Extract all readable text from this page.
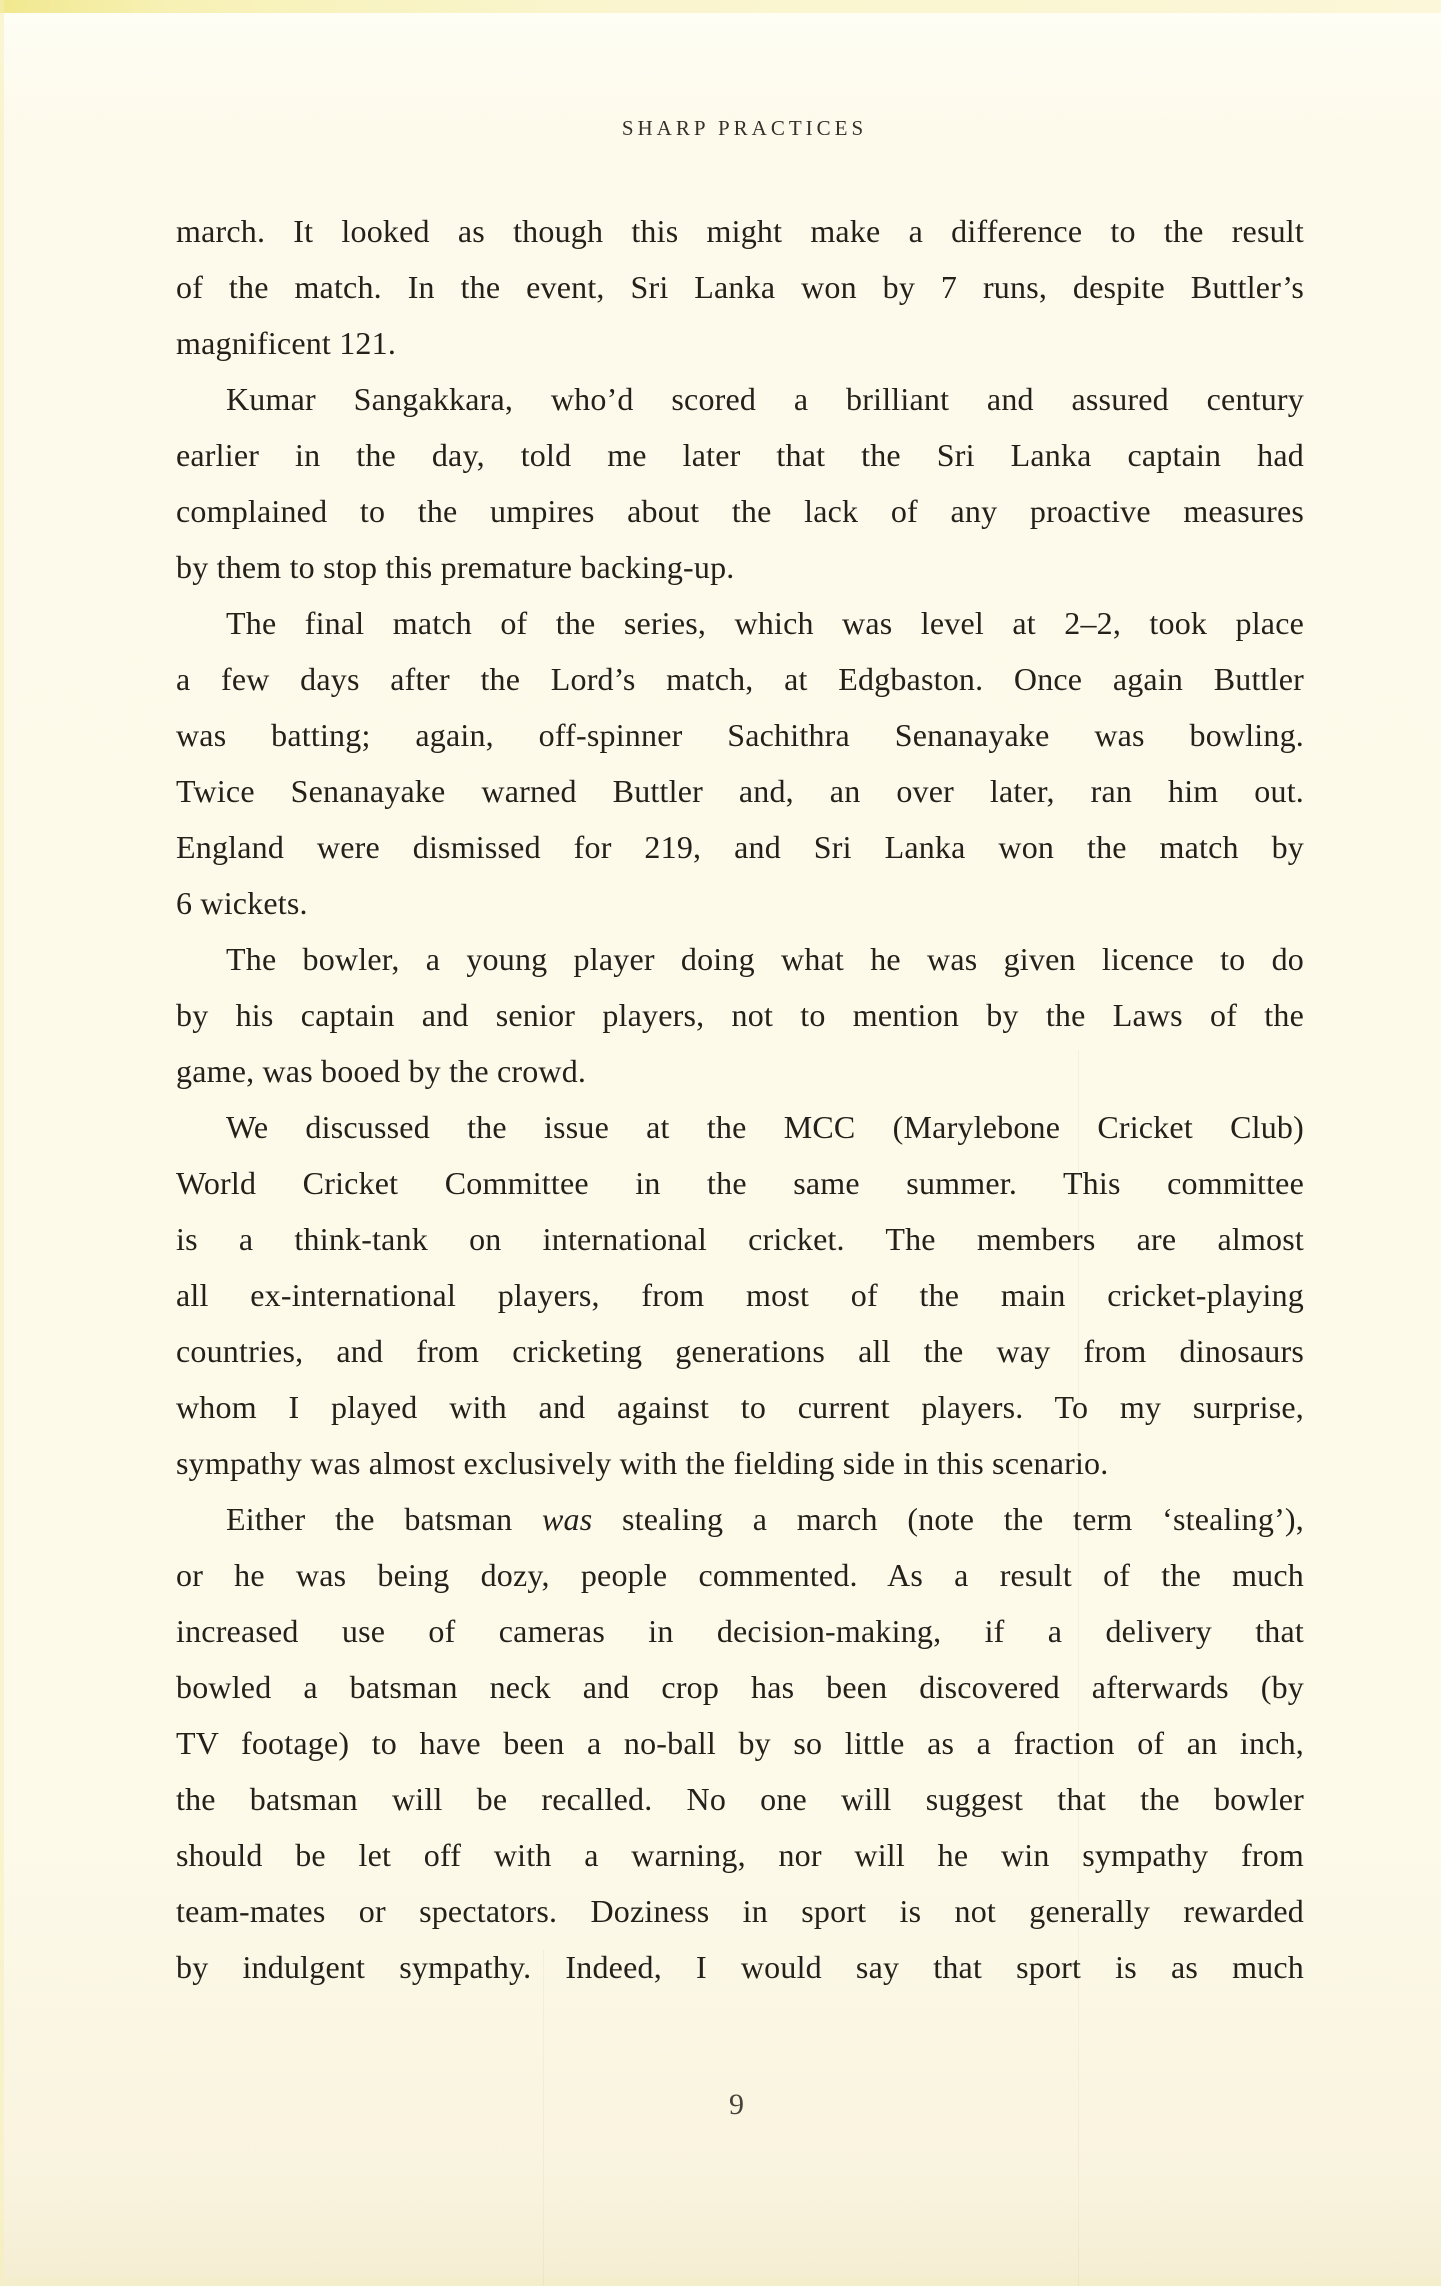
SHARP PRACTICES
march. It looked as though this might make a difference to the result
of the match. In the event, Sri Lanka won by 7 runs, despite Buttler’s
magnificent 121.
Kumar Sangakkara, who’d scored a brilliant and assured century
earlier in the day, told me later that the Sri Lanka captain had
complained to the umpires about the lack of any proactive measures
by them to stop this premature backing-up.
The final match of the series, which was level at 2–2, took place
a few days after the Lord’s match, at Edgbaston. Once again Buttler
was batting; again, off-spinner Sachithra Senanayake was bowling.
Twice Senanayake warned Buttler and, an over later, ran him out.
England were dismissed for 219, and Sri Lanka won the match by
6 wickets.
The bowler, a young player doing what he was given licence to do
by his captain and senior players, not to mention by the Laws of the
game, was booed by the crowd.
We discussed the issue at the MCC (Marylebone Cricket Club)
World Cricket Committee in the same summer. This committee
is a think-tank on international cricket. The members are almost
all ex-international players, from most of the main cricket-playing
countries, and from cricketing generations all the way from dinosaurs
whom I played with and against to current players. To my surprise,
sympathy was almost exclusively with the fielding side in this scenario.
Either the batsman was stealing a march (note the term ‘stealing’),
or he was being dozy, people commented. As a result of the much
increased use of cameras in decision-making, if a delivery that
bowled a batsman neck and crop has been discovered afterwards (by
TV footage) to have been a no-ball by so little as a fraction of an inch,
the batsman will be recalled. No one will suggest that the bowler
should be let off with a warning, nor will he win sympathy from
team-mates or spectators. Doziness in sport is not generally rewarded
by indulgent sympathy. Indeed, I would say that sport is as much
9
